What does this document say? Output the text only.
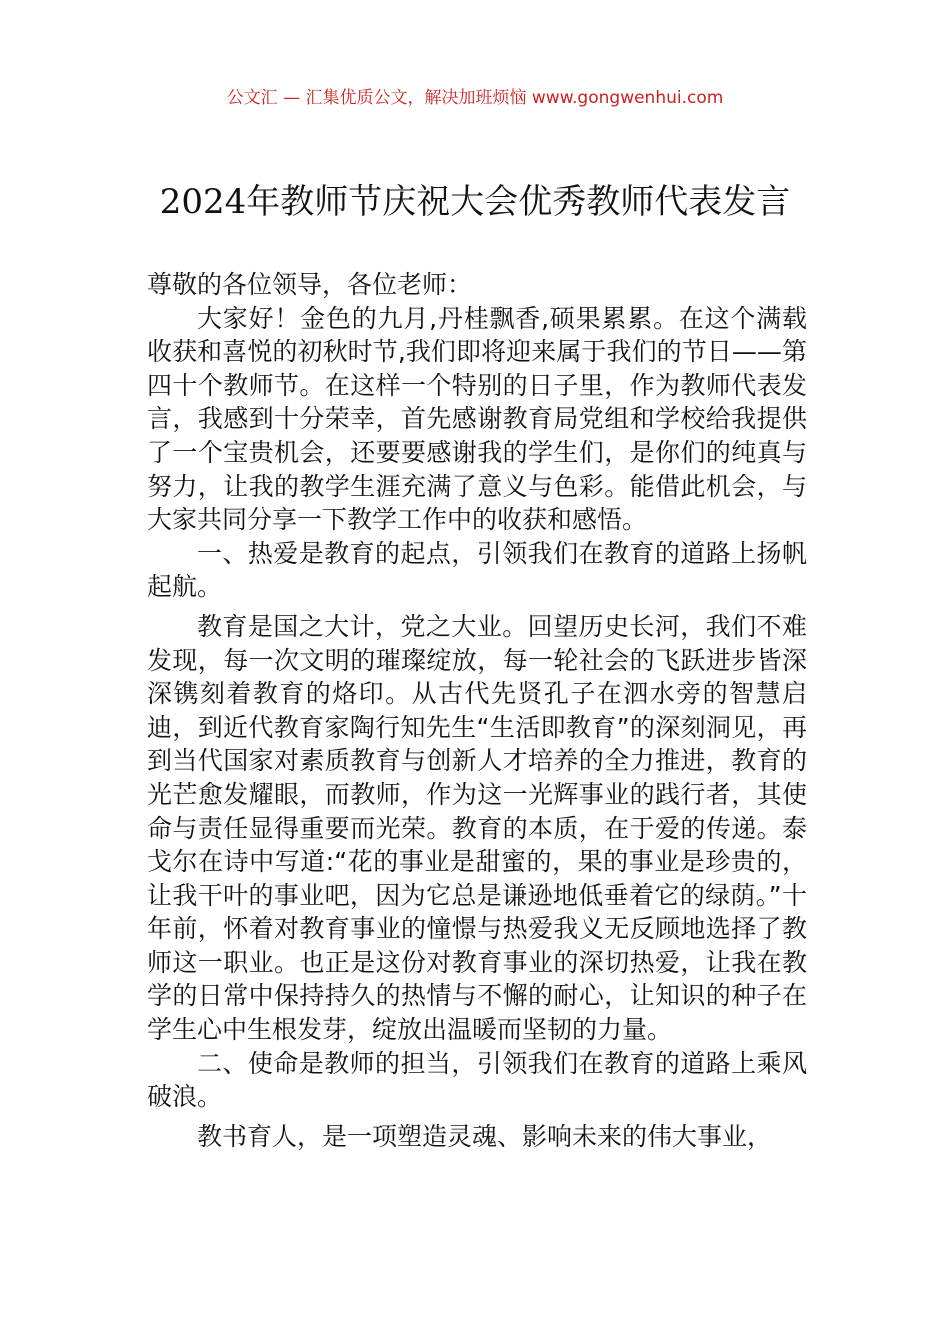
公文汇 — 汇集优质公文，解决加班烦恼 www.gongwenhui.com
2024年教师节庆祝大会优秀教师代表发言

尊敬的各位领导，各位老师：

大家好！金色的九月,丹桂飘香,硕果累累。在这个满载收获和喜悦的初秋时节,我们即将迎来属于我们的节日——第四十个教师节。在这样一个特别的日子里，作为教师代表发言，我感到十分荣幸，首先感谢教育局党组和学校给我提供了一个宝贵机会，还要要感谢我的学生们，是你们的纯真与努力，让我的教学生涯充满了意义与色彩。能借此机会，与大家共同分享一下教学工作中的收获和感悟。

一、热爱是教育的起点，引领我们在教育的道路上扬帆起航。

教育是国之大计，党之大业。回望历史长河，我们不难发现，每一次文明的璀璨绽放，每一轮社会的飞跃进步皆深深镌刻着教育的烙印。从古代先贤孔子在泗水旁的智慧启迪，到近代教育家陶行知先生“生活即教育”的深刻洞见，再到当代国家对素质教育与创新人才培养的全力推进，教育的光芒愈发耀眼，而教师，作为这一光辉事业的践行者，其使命与责任显得重要而光荣。教育的本质，在于爱的传递。泰戈尔在诗中写道:“花的事业是甜蜜的，果的事业是珍贵的，让我干叶的事业吧，因为它总是谦逊地低垂着它的绿荫。”十年前，怀着对教育事业的憧憬与热爱我义无反顾地选择了教师这一职业。也正是这份对教育事业的深切热爱，让我在教学的日常中保持持久的热情与不懈的耐心，让知识的种子在学生心中生根发芽，绽放出温暖而坚韧的力量。

二、使命是教师的担当，引领我们在教育的道路上乘风破浪。

教书育人，是一项塑造灵魂、影响未来的伟大事业，
